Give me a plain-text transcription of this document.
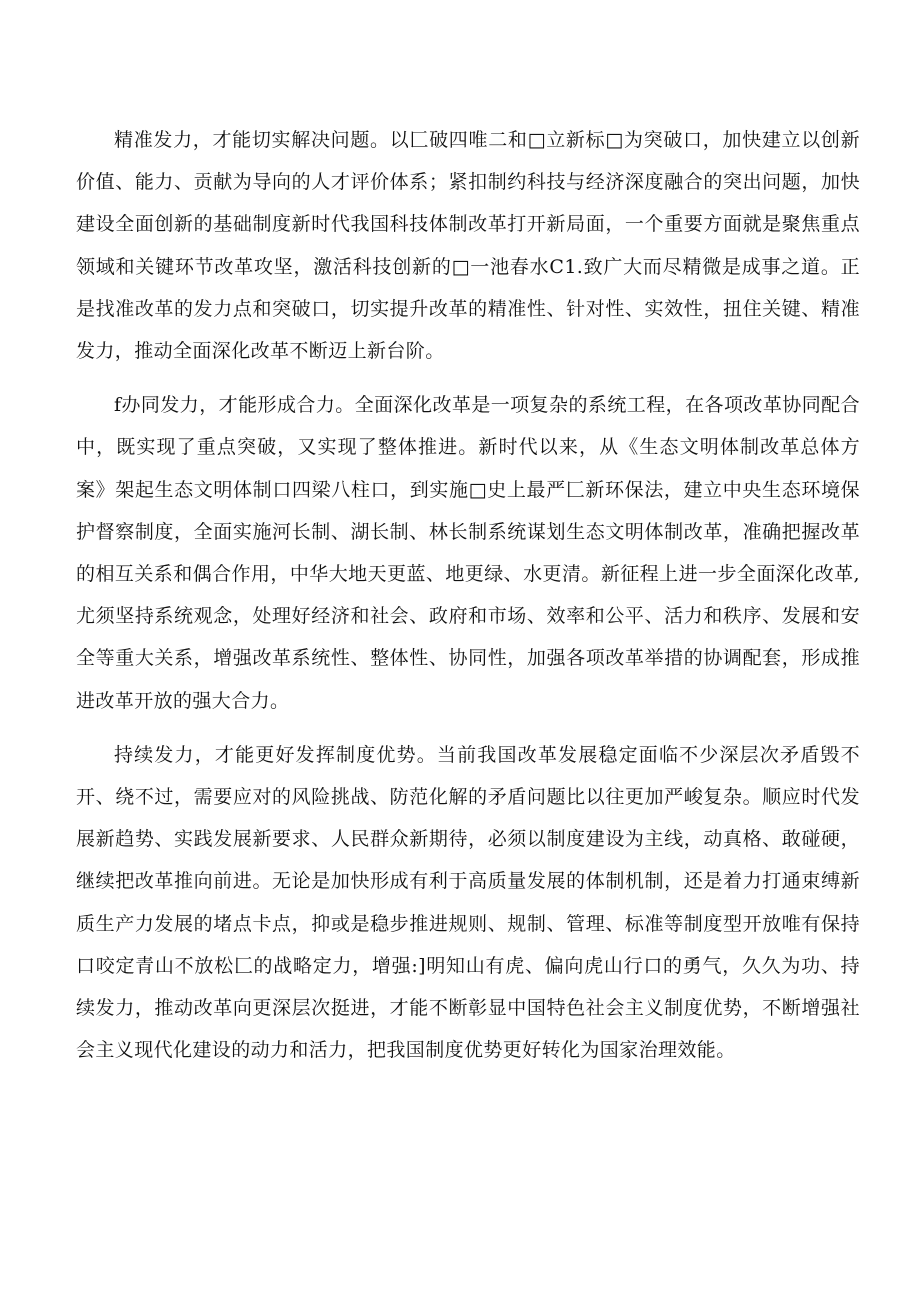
精准发力，才能切实解决问题。以匚破四唯二和□立新标□为突破口，加快建立以创新价值、能力、贡献为导向的人才评价体系；紧扣制约科技与经济深度融合的突出问题，加快建设全面创新的基础制度新时代我国科技体制改革打开新局面，一个重要方面就是聚焦重点领域和关键环节改革攻坚，激活科技创新的□一池春水C1.致广大而尽精微是成事之道。正是找准改革的发力点和突破口，切实提升改革的精准性、针对性、实效性，扭住关键、精准发力，推动全面深化改革不断迈上新台阶。

f办同发力，才能形成合力。全面深化改革是一项复杂的系统工程，在各项改革协同配合中，既实现了重点突破，又实现了整体推进。新时代以来，从《生态文明体制改革总体方案》架起生态文明体制口四梁八柱口，到实施□史上最严匚新环保法，建立中央生态环境保护督察制度，全面实施河长制、湖长制、林长制系统谋划生态文明体制改革，准确把握改革的相互关系和偶合作用，中华大地天更蓝、地更绿、水更清。新征程上进一步全面深化改革,尤须坚持系统观念，处理好经济和社会、政府和市场、效率和公平、活力和秩序、发展和安全等重大关系，增强改革系统性、整体性、协同性，加强各项改革举措的协调配套，形成推进改革开放的强大合力。

持续发力，才能更好发挥制度优势。当前我国改革发展稳定面临不少深层次矛盾毁不开、绕不过，需要应对的风险挑战、防范化解的矛盾问题比以往更加严峻复杂。顺应时代发展新趋势、实践发展新要求、人民群众新期待，必须以制度建设为主线，动真格、敢碰硬，继续把改革推向前进。无论是加快形成有利于高质量发展的体制机制，还是着力打通束缚新质生产力发展的堵点卡点，抑或是稳步推进规则、规制、管理、标准等制度型开放唯有保持口咬定青山不放松匚的战略定力，增强:]明知山有虎、偏向虎山行口的勇气，久久为功、持续发力，推动改革向更深层次挺进，才能不断彰显中国特色社会主义制度优势，不断增强社会主义现代化建设的动力和活力，把我国制度优势更好转化为国家治理效能。
